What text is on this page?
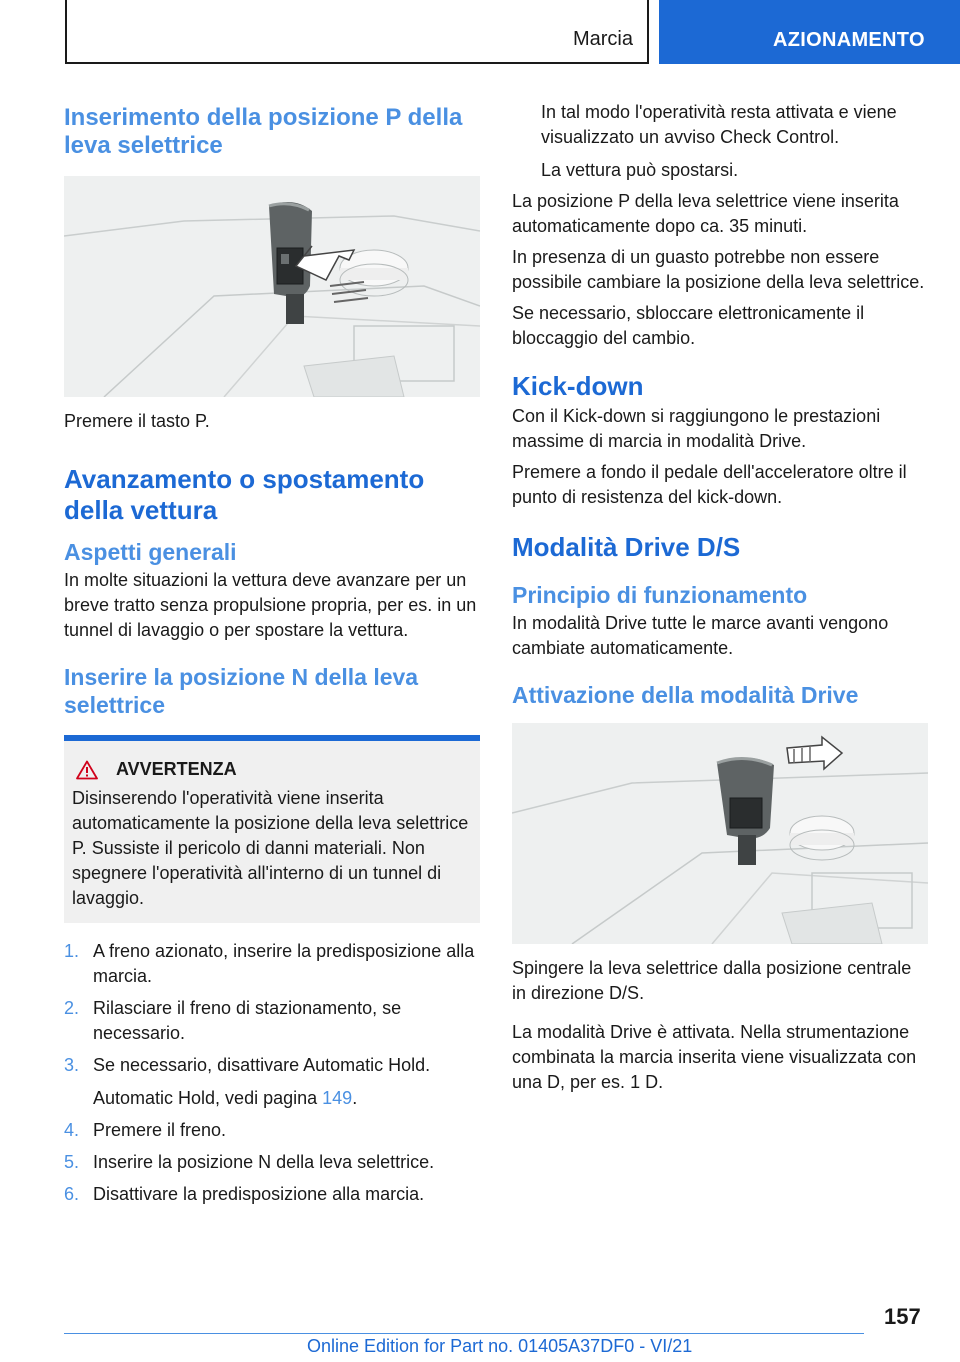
Marcia	AZIONAMENTO
Inserimento della posizione P della leva selettrice

Premere il tasto P.

Avanzamento o spostamento della vettura
Aspetti generali

In molte situazioni la vettura deve avanzare per un breve tratto senza propulsione propria, per es. in un tunnel di lavaggio o per spostare la vettura.

Inserire la posizione N della leva selettrice
AVVERTENZA

Disinserendo l'operatività viene inserita automaticamente la posizione della leva selettrice P. Sussiste il pericolo di danni materiali. Non spegnere l'operatività all'interno di un tunnel di lavaggio.

1. A freno azionato, inserire la predisposizione alla marcia.
2. Rilasciare il freno di stazionamento, se necessario.
3. Se necessario, disattivare Automatic Hold.
Automatic Hold, vedi pagina 149.
4. Premere il freno.
5. Inserire la posizione N della leva selettrice.
6. Disattivare la predisposizione alla marcia.

In tal modo l'operatività resta attivata e viene visualizzato un avviso Check Control.

La vettura può spostarsi.

La posizione P della leva selettrice viene inserita automaticamente dopo ca. 35 minuti.

In presenza di un guasto potrebbe non essere possibile cambiare la posizione della leva selettrice.

Se necessario, sbloccare elettronicamente il bloccaggio del cambio.

Kick-down

Con il Kick-down si raggiungono le prestazioni massime di marcia in modalità Drive.

Premere a fondo il pedale dell'acceleratore oltre il punto di resistenza del kick-down.

Modalità Drive D/S
Principio di funzionamento

In modalità Drive tutte le marce avanti vengono cambiate automaticamente.

Attivazione della modalità Drive

Spingere la leva selettrice dalla posizione centrale in direzione D/S.

La modalità Drive è attivata. Nella strumentazione combinata la marcia inserita viene visualizzata con una D, per es. 1 D.

157
Online Edition for Part no. 01405A37DF0 - VI/21
